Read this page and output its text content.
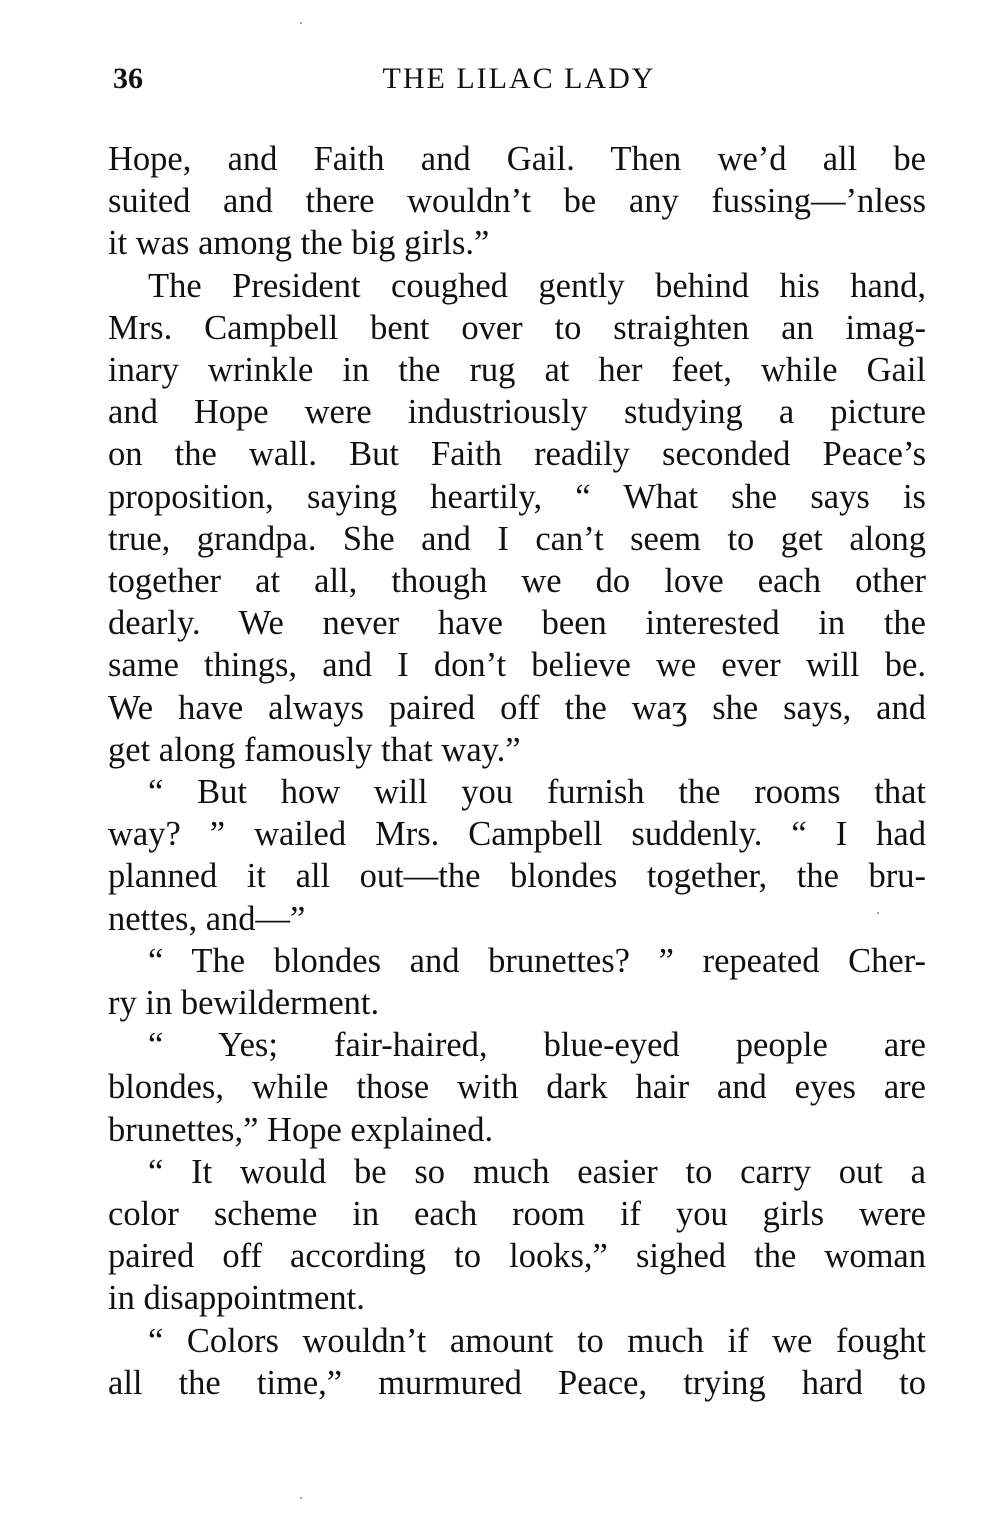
36	THE LILAC LADY
Hope, and Faith and Gail. Then we’d all be
suited and there wouldn’t be any fussing—’nless
it was among the big girls.”
The President coughed gently behind his hand,
Mrs. Campbell bent over to straighten an imag-
inary wrinkle in the rug at her feet, while Gail
and Hope were industriously studying a picture
on the wall. But Faith readily seconded Peace’s
proposition, saying heartily, “ What she says is
true, grandpa. She and I can’t seem to get along
together at all, though we do love each other
dearly. We never have been interested in the
same things, and I don’t believe we ever will be.
We have always paired off the waʒ she says, and
get along famously that way.”
“ But how will you furnish the rooms that
way? ” wailed Mrs. Campbell suddenly. “ I had
planned it all out—the blondes together, the bru-
nettes, and—”
“ The blondes and brunettes? ” repeated Cher-
ry in bewilderment.
“ Yes; fair-haired, blue-eyed people are
blondes, while those with dark hair and eyes are
brunettes,” Hope explained.
“ It would be so much easier to carry out a
color scheme in each room if you girls were
paired off according to looks,” sighed the woman
in disappointment.
“ Colors wouldn’t amount to much if we fought
all the time,” murmured Peace, trying hard to
